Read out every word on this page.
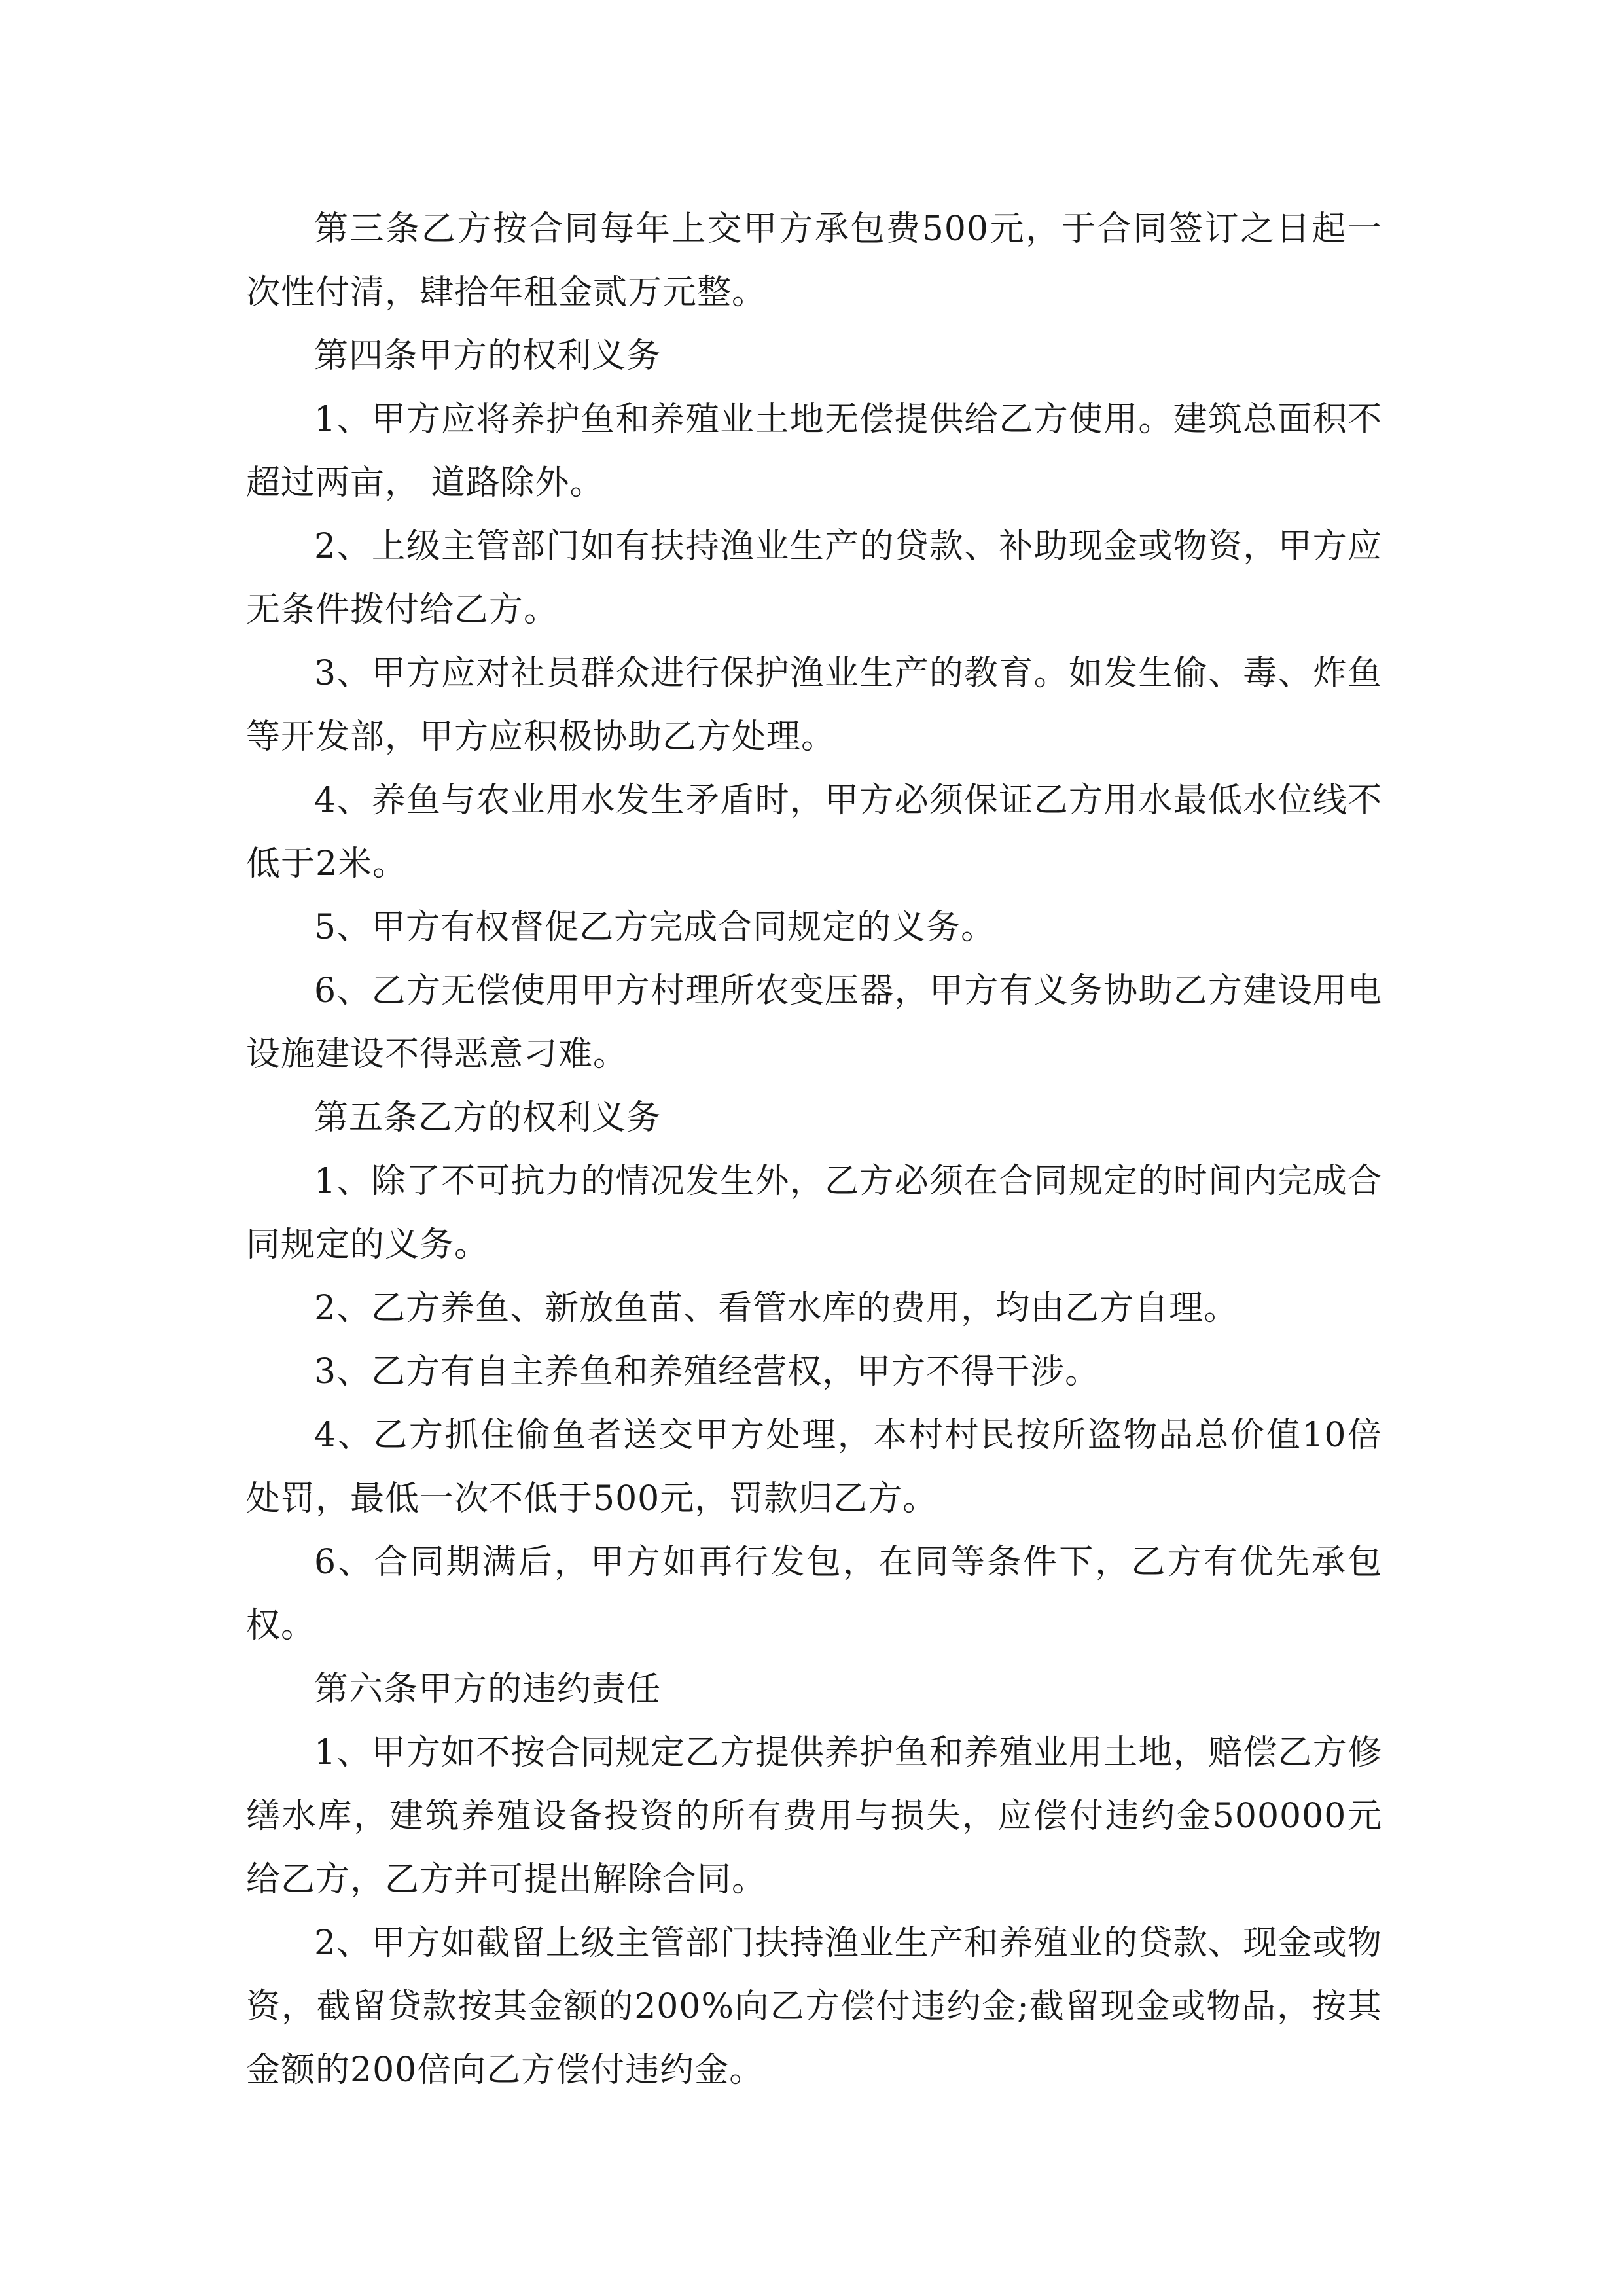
第三条乙方按合同每年上交甲方承包费500元，于合同签订之日起一次性付清，肆拾年租金贰万元整。

第四条甲方的权利义务

1、甲方应将养护鱼和养殖业土地无偿提供给乙方使用。建筑总面积不超过两亩， 道路除外。

2、上级主管部门如有扶持渔业生产的贷款、补助现金或物资，甲方应无条件拨付给乙方。

3、甲方应对社员群众进行保护渔业生产的教育。如发生偷、毒、炸鱼等开发部，甲方应积极协助乙方处理。

4、养鱼与农业用水发生矛盾时，甲方必须保证乙方用水最低水位线不低于2米。

5、甲方有权督促乙方完成合同规定的义务。

6、乙方无偿使用甲方村理所农变压器，甲方有义务协助乙方建设用电设施建设不得恶意刁难。

第五条乙方的权利义务

1、除了不可抗力的情况发生外，乙方必须在合同规定的时间内完成合同规定的义务。

2、乙方养鱼、新放鱼苗、看管水库的费用，均由乙方自理。

3、乙方有自主养鱼和养殖经营权，甲方不得干涉。

4、乙方抓住偷鱼者送交甲方处理，本村村民按所盗物品总价值10倍处罚，最低一次不低于500元，罚款归乙方。

6、合同期满后，甲方如再行发包，在同等条件下，乙方有优先承包权。

第六条甲方的违约责任

1、甲方如不按合同规定乙方提供养护鱼和养殖业用土地，赔偿乙方修缮水库，建筑养殖设备投资的所有费用与损失，应偿付违约金500000元给乙方，乙方并可提出解除合同。

2、甲方如截留上级主管部门扶持渔业生产和养殖业的贷款、现金或物资，截留贷款按其金额的200%向乙方偿付违约金;截留现金或物品，按其金额的200倍向乙方偿付违约金。
